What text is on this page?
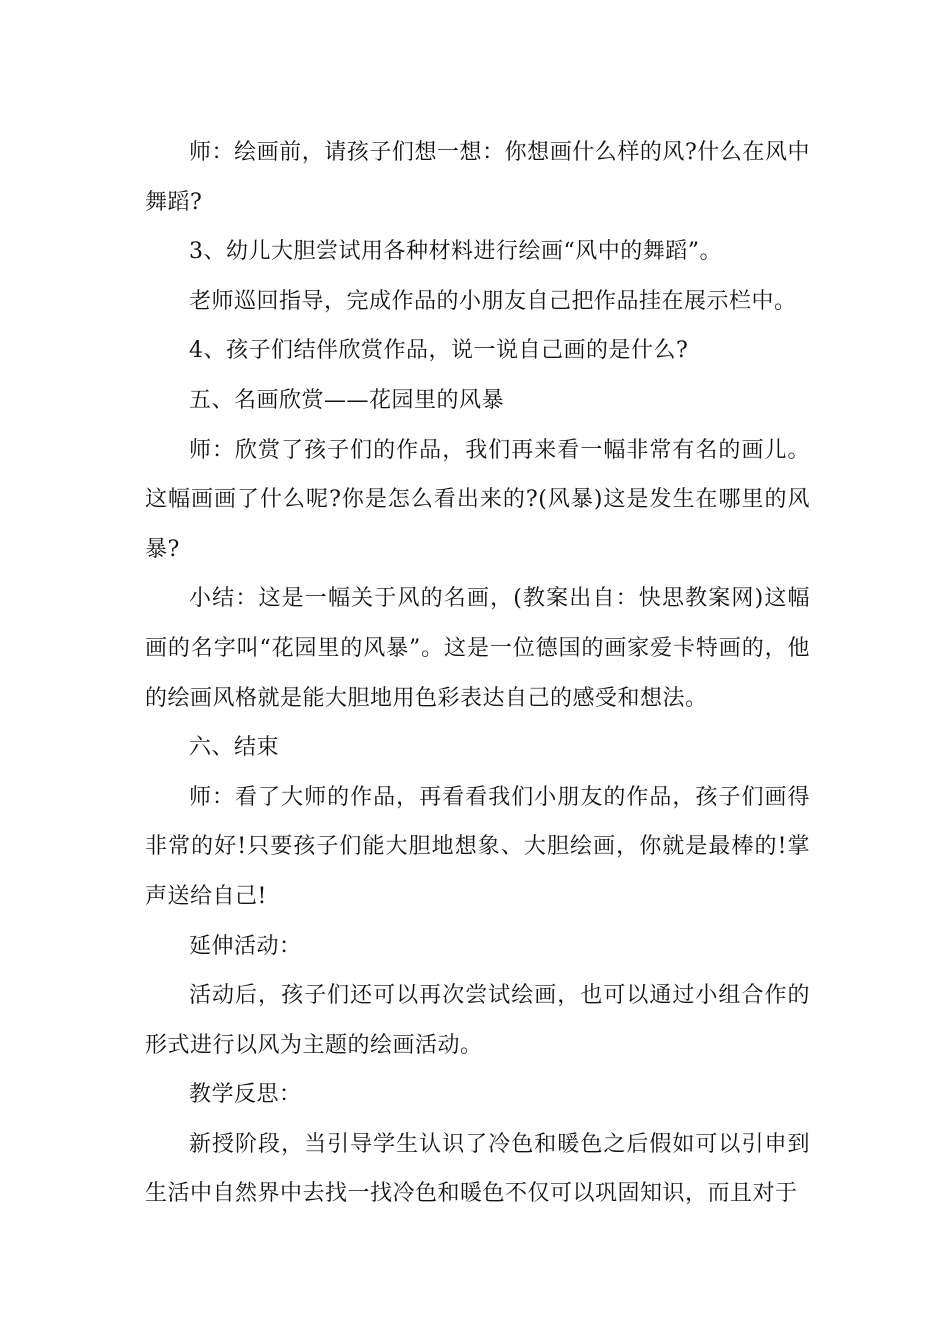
师：绘画前，请孩子们想一想：你想画什么样的风?什么在风中舞蹈?

3、幼儿大胆尝试用各种材料进行绘画“风中的舞蹈”。

老师巡回指导，完成作品的小朋友自己把作品挂在展示栏中。

4、孩子们结伴欣赏作品，说一说自己画的是什么?

五、名画欣赏——花园里的风暴

师：欣赏了孩子们的作品，我们再来看一幅非常有名的画儿。这幅画画了什么呢?你是怎么看出来的?(风暴)这是发生在哪里的风暴?

小结：这是一幅关于风的名画，(教案出自：快思教案网)这幅画的名字叫“花园里的风暴”。这是一位德国的画家爱卡特画的，他的绘画风格就是能大胆地用色彩表达自己的感受和想法。

六、结束

师：看了大师的作品，再看看我们小朋友的作品，孩子们画得非常的好!只要孩子们能大胆地想象、大胆绘画，你就是最棒的!掌声送给自己!

延伸活动：

活动后，孩子们还可以再次尝试绘画，也可以通过小组合作的形式进行以风为主题的绘画活动。

教学反思：

新授阶段，当引导学生认识了冷色和暖色之后假如可以引申到生活中自然界中去找一找冷色和暖色不仅可以巩固知识，而且对于
